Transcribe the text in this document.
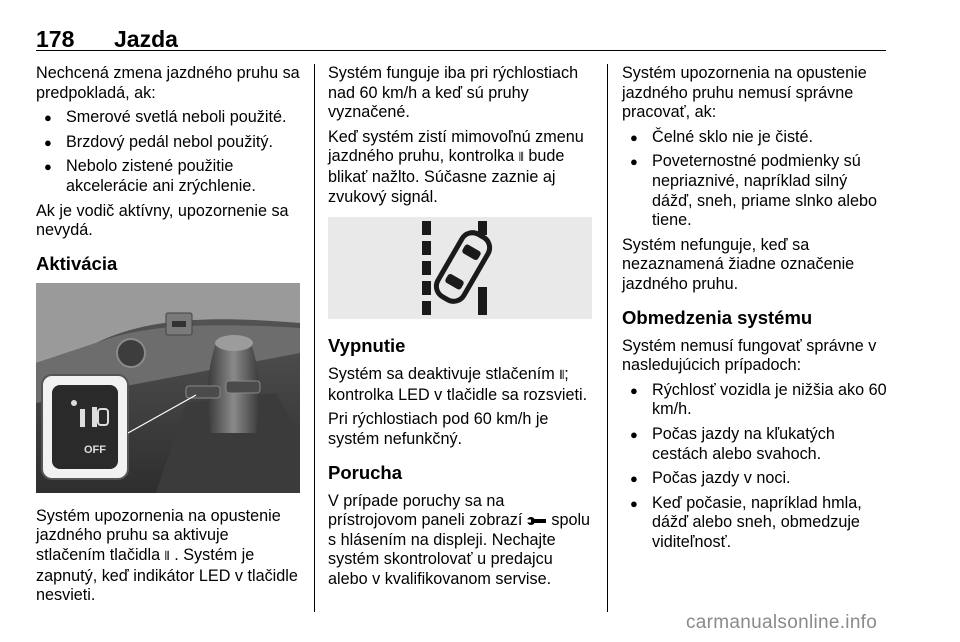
178 Jazda

Nechcená zmena jazdného pruhu sa predpokladá, ak:

● Smerové svetlá neboli použité.
● Brzdový pedál nebol použitý.
● Nebolo zistené použitie akcelerácie ani zrýchlenie.

Ak je vodič aktívny, upozornenie sa nevydá.

Aktivácia
OFF

Systém upozornenia na opustenie jazdného pruhu sa aktivuje stlačením tlačidla ⫴ . Systém je zapnutý, keď indikátor LED v tlačidle nesvieti.

Systém funguje iba pri rýchlostiach nad 60 km/h a keď sú pruhy vyznačené.

Keď systém zistí mimovoľnú zmenu jazdného pruhu, kontrolka ⫴ bude blikať nažlto. Súčasne zaznie aj zvukový signál.

Vypnutie

Systém sa deaktivuje stlačením ⫴; kontrolka LED v tlačidle sa rozsvieti.

Pri rýchlostiach pod 60 km/h je systém nefunkčný.

Porucha

V prípade poruchy sa na prístrojovom paneli zobrazí spolu s hlásením na displeji. Nechajte systém skontrolovať u predajcu alebo v kvalifikovanom servise.

Systém upozornenia na opustenie jazdného pruhu nemusí správne pracovať, ak:

● Čelné sklo nie je čisté.
● Poveternostné podmienky sú nepriaznivé, napríklad silný dážď, sneh, priame slnko alebo tiene.

Systém nefunguje, keď sa nezaznamená žiadne označenie jazdného pruhu.

Obmedzenia systému

Systém nemusí fungovať správne v nasledujúcich prípadoch:

● Rýchlosť vozidla je nižšia ako 60 km/h.
● Počas jazdy na kľukatých cestách alebo svahoch.
● Počas jazdy v noci.
● Keď počasie, napríklad hmla, dážď alebo sneh, obmedzuje viditeľnosť.
carmanualsonline.info
